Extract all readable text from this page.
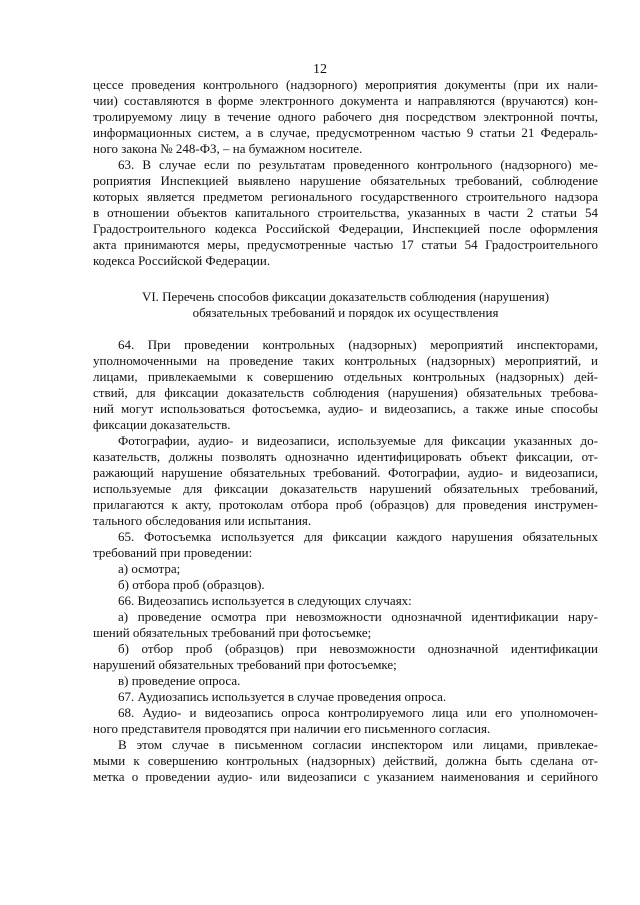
12
цессе проведения контрольного (надзорного) мероприятия документы (при их нали-
чии) составляются в форме электронного документа и направляются (вручаются) кон-
тролируемому лицу в течение одного рабочего дня посредством электронной почты,
информационных систем, а в случае, предусмотренном частью 9 статьи 21 Федераль-
ного закона № 248-ФЗ, – на бумажном носителе.
63. В случае если по результатам проведенного контрольного (надзорного) ме-
роприятия Инспекцией выявлено нарушение обязательных требований, соблюдение
которых является предметом регионального государственного строительного надзора
в отношении объектов капитального строительства, указанных в части 2 статьи 54
Градостроительного кодекса Российской Федерации, Инспекцией после оформления
акта принимаются меры, предусмотренные частью 17 статьи 54 Градостроительного
кодекса Российской Федерации.
VI. Перечень способов фиксации доказательств соблюдения (нарушения)
обязательных требований и порядок их осуществления
64. При проведении контрольных (надзорных) мероприятий инспекторами,
уполномоченными на проведение таких контрольных (надзорных) мероприятий, и
лицами, привлекаемыми к совершению отдельных контрольных (надзорных) дей-
ствий, для фиксации доказательств соблюдения (нарушения) обязательных требова-
ний могут использоваться фотосъемка, аудио- и видеозапись, а также иные способы
фиксации доказательств.
Фотографии, аудио- и видеозаписи, используемые для фиксации указанных до-
казательств, должны позволять однозначно идентифицировать объект фиксации, от-
ражающий нарушение обязательных требований. Фотографии, аудио- и видеозаписи,
используемые для фиксации доказательств нарушений обязательных требований,
прилагаются к акту, протоколам отбора проб (образцов) для проведения инструмен-
тального обследования или испытания.
65. Фотосъемка используется для фиксации каждого нарушения обязательных
требований при проведении:
а) осмотра;
б) отбора проб (образцов).
66. Видеозапись используется в следующих случаях:
а) проведение осмотра при невозможности однозначной идентификации нару-
шений обязательных требований при фотосъемке;
б) отбор проб (образцов) при невозможности однозначной идентификации
нарушений обязательных требований при фотосъемке;
в) проведение опроса.
67. Аудиозапись используется в случае проведения опроса.
68. Аудио- и видеозапись опроса контролируемого лица или его уполномочен-
ного представителя проводятся при наличии его письменного согласия.
В этом случае в письменном согласии инспектором или лицами, привлекае-
мыми к совершению контрольных (надзорных) действий, должна быть сделана от-
метка о проведении аудио- или видеозаписи с указанием наименования и серийного
